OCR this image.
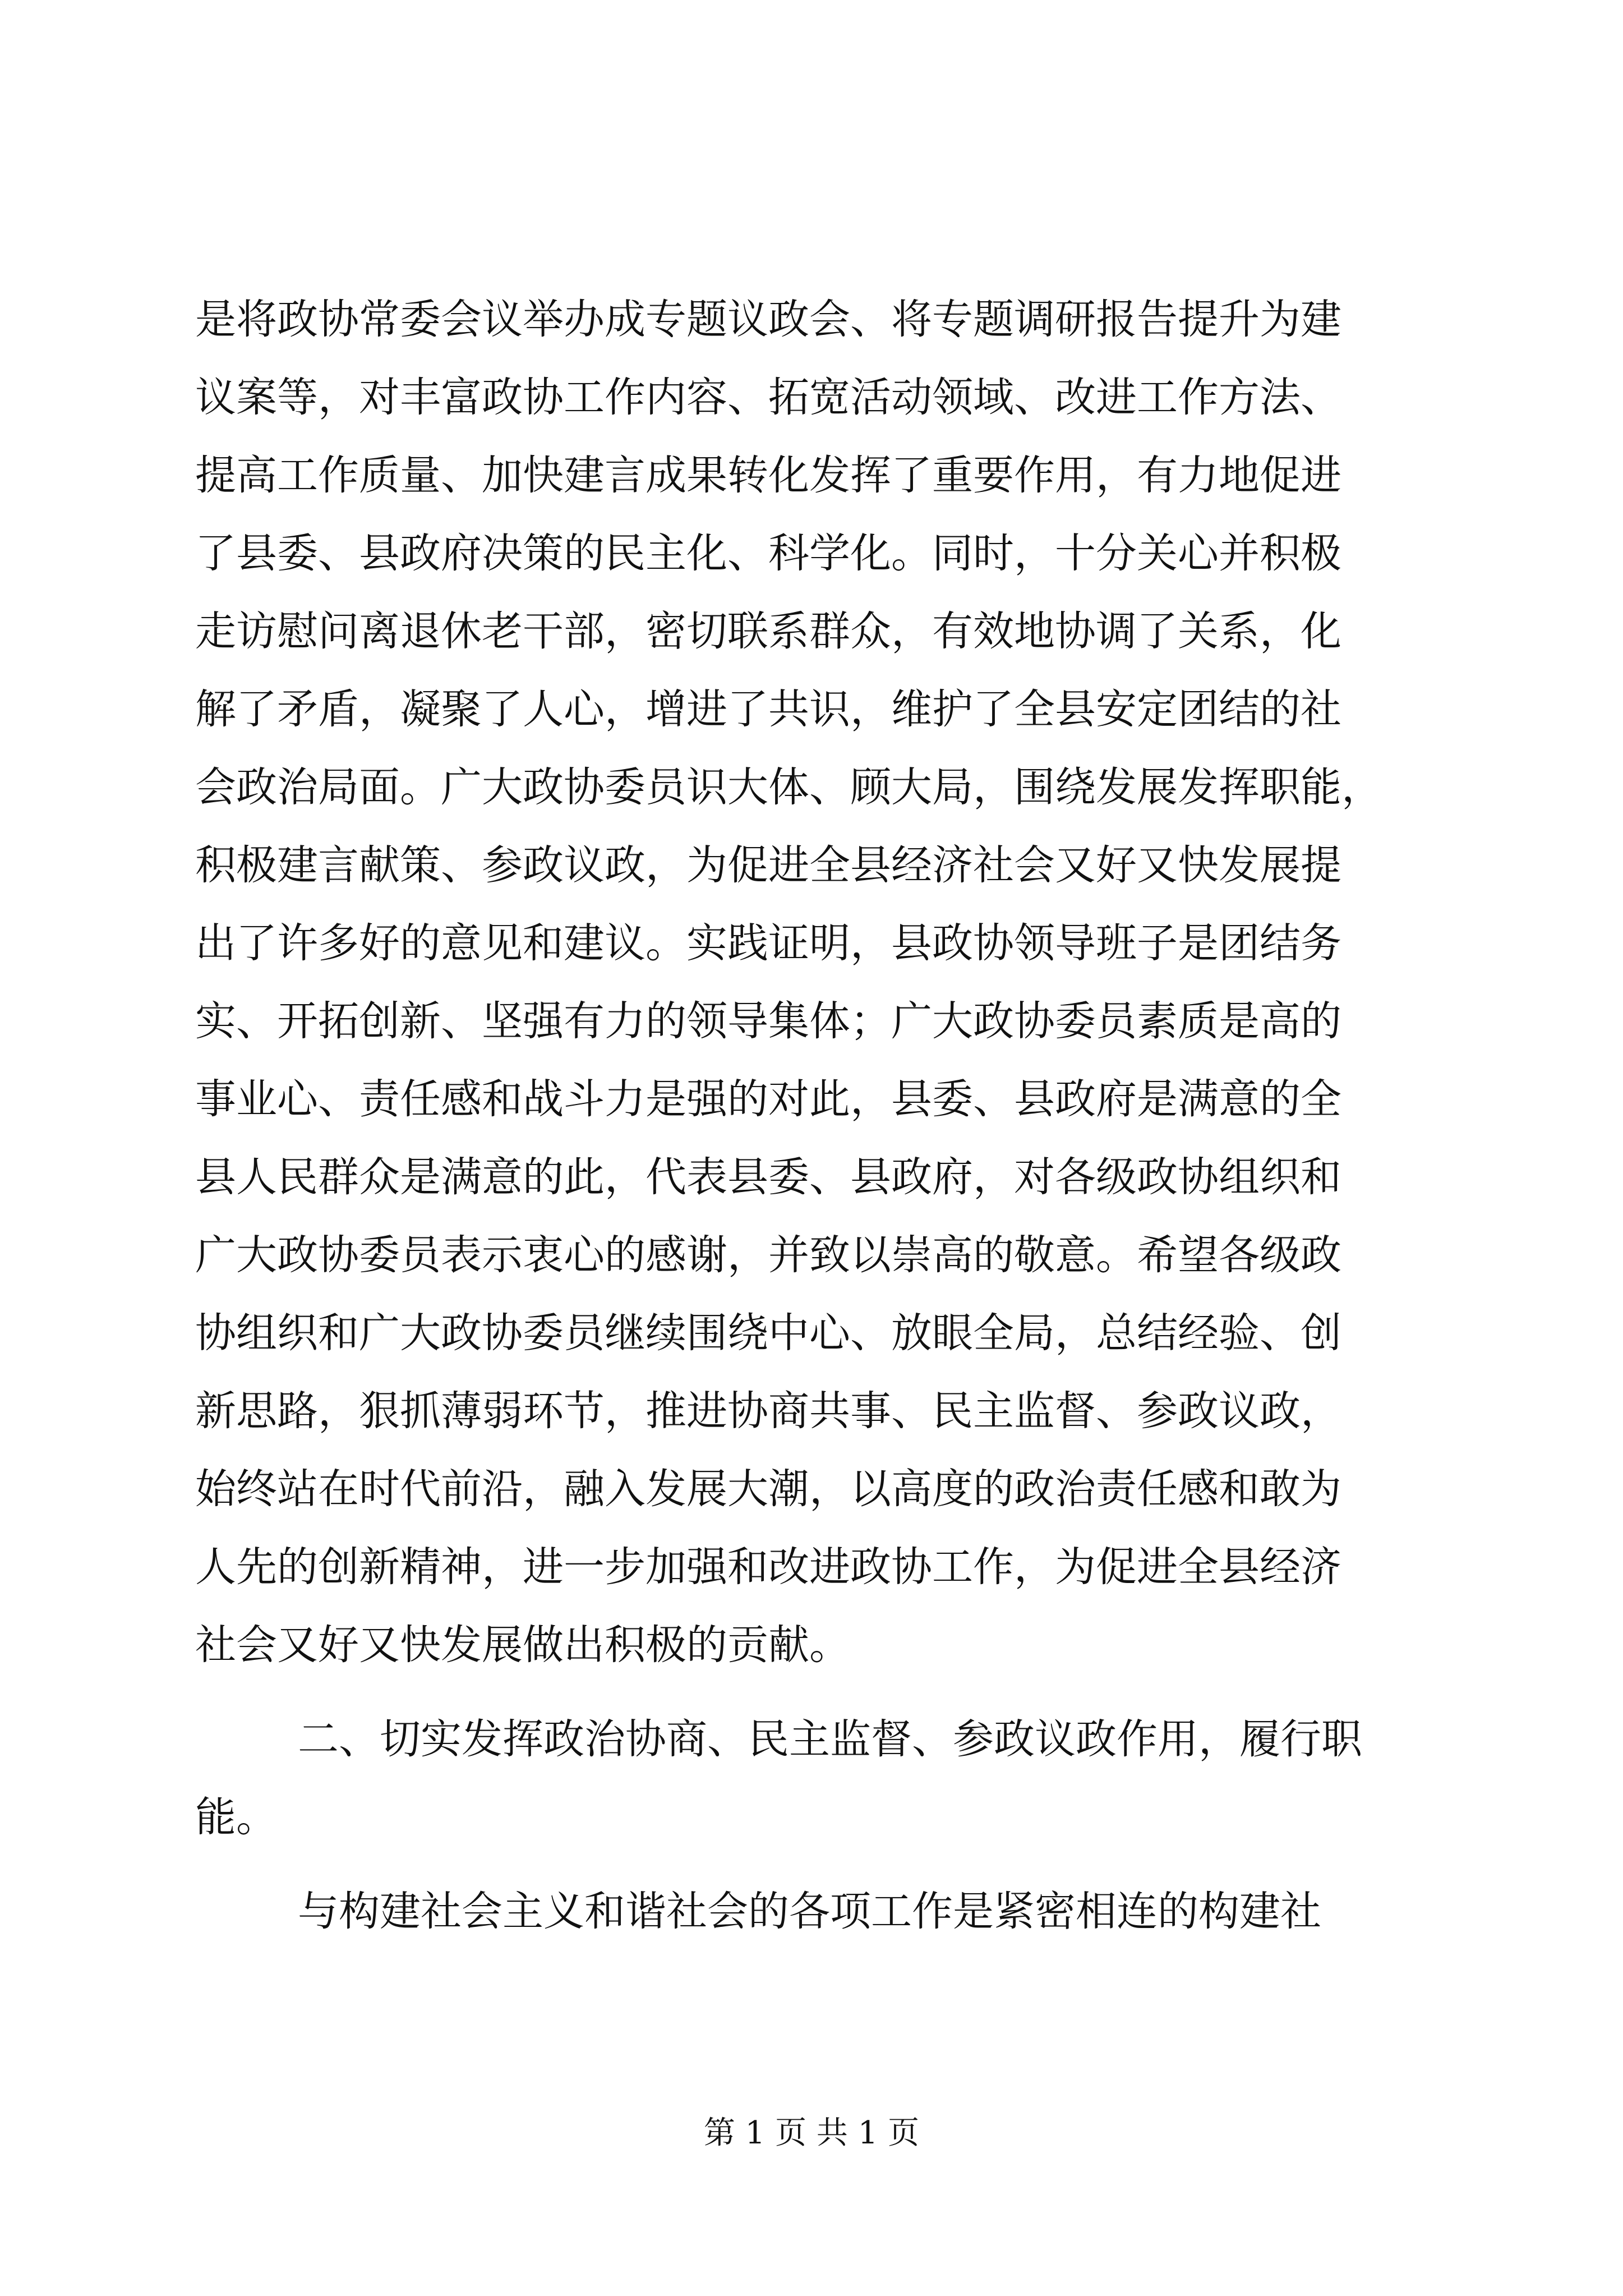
是将政协常委会议举办成专题议政会、将专题调研报告提升为建
议案等，对丰富政协工作内容、拓宽活动领域、改进工作方法、
提高工作质量、加快建言成果转化发挥了重要作用，有力地促进
了县委、县政府决策的民主化、科学化。同时，十分关心并积极
走访慰问离退休老干部，密切联系群众，有效地协调了关系，化
解了矛盾，凝聚了人心，增进了共识，维护了全县安定团结的社
会政治局面。广大政协委员识大体、顾大局，围绕发展发挥职能，
积极建言献策、参政议政，为促进全县经济社会又好又快发展提
出了许多好的意见和建议。实践证明，县政协领导班子是团结务
实、开拓创新、坚强有力的领导集体；广大政协委员素质是高的
事业心、责任感和战斗力是强的对此，县委、县政府是满意的全
县人民群众是满意的此，代表县委、县政府，对各级政协组织和
广大政协委员表示衷心的感谢，并致以崇高的敬意。希望各级政
协组织和广大政协委员继续围绕中心、放眼全局，总结经验、创
新思路，狠抓薄弱环节，推进协商共事、民主监督、参政议政，
始终站在时代前沿，融入发展大潮，以高度的政治责任感和敢为
人先的创新精神，进一步加强和改进政协工作，为促进全县经济
社会又好又快发展做出积极的贡献。
二、切实发挥政治协商、民主监督、参政议政作用，履行职
能。
与构建社会主义和谐社会的各项工作是紧密相连的构建社
第 1 页 共 1 页
